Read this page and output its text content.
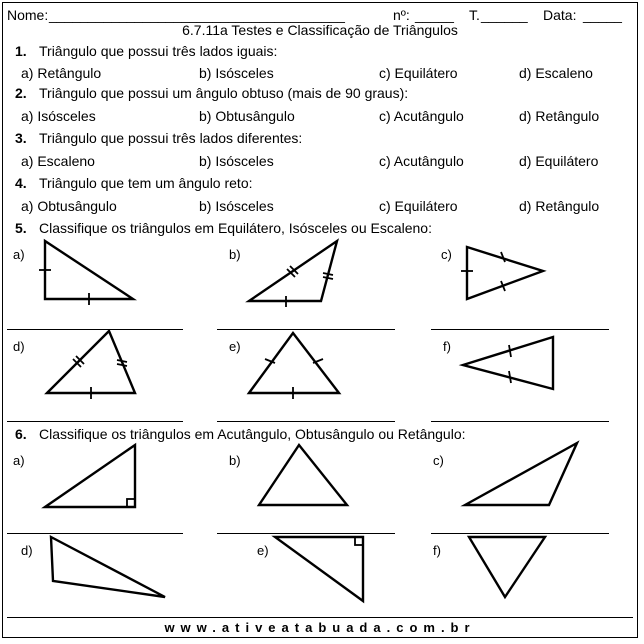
Nome: ______________________________________	nº: _____ T. ______ Data: _____
6.7.11a Testes e Classificação de Triângulos
1. Triângulo que possui três lados iguais:
a) Retângulo	b) Isósceles	c) Equilátero	d) Escaleno
2. Triângulo que possui um ângulo obtuso (mais de 90 graus):
a) Isósceles	b) Obtusângulo	c) Acutângulo	d) Retângulo
3. Triângulo que possui três lados diferentes:
a) Escaleno	b) Isósceles	c) Acutângulo	d) Equilátero
4. Triângulo que tem um ângulo reto:
a) Obtusângulo	b) Isósceles	c) Equilátero	d) Retângulo
5. Classifique os triângulos em Equilátero, Isósceles ou Escaleno:
a)	b)	c)
d)	e)	f)
6. Classifique os triângulos em Acutângulo, Obtusângulo ou Retângulo:
a)	b)	c)
d)	e)	f)
www.ativeatabuada.com.br
